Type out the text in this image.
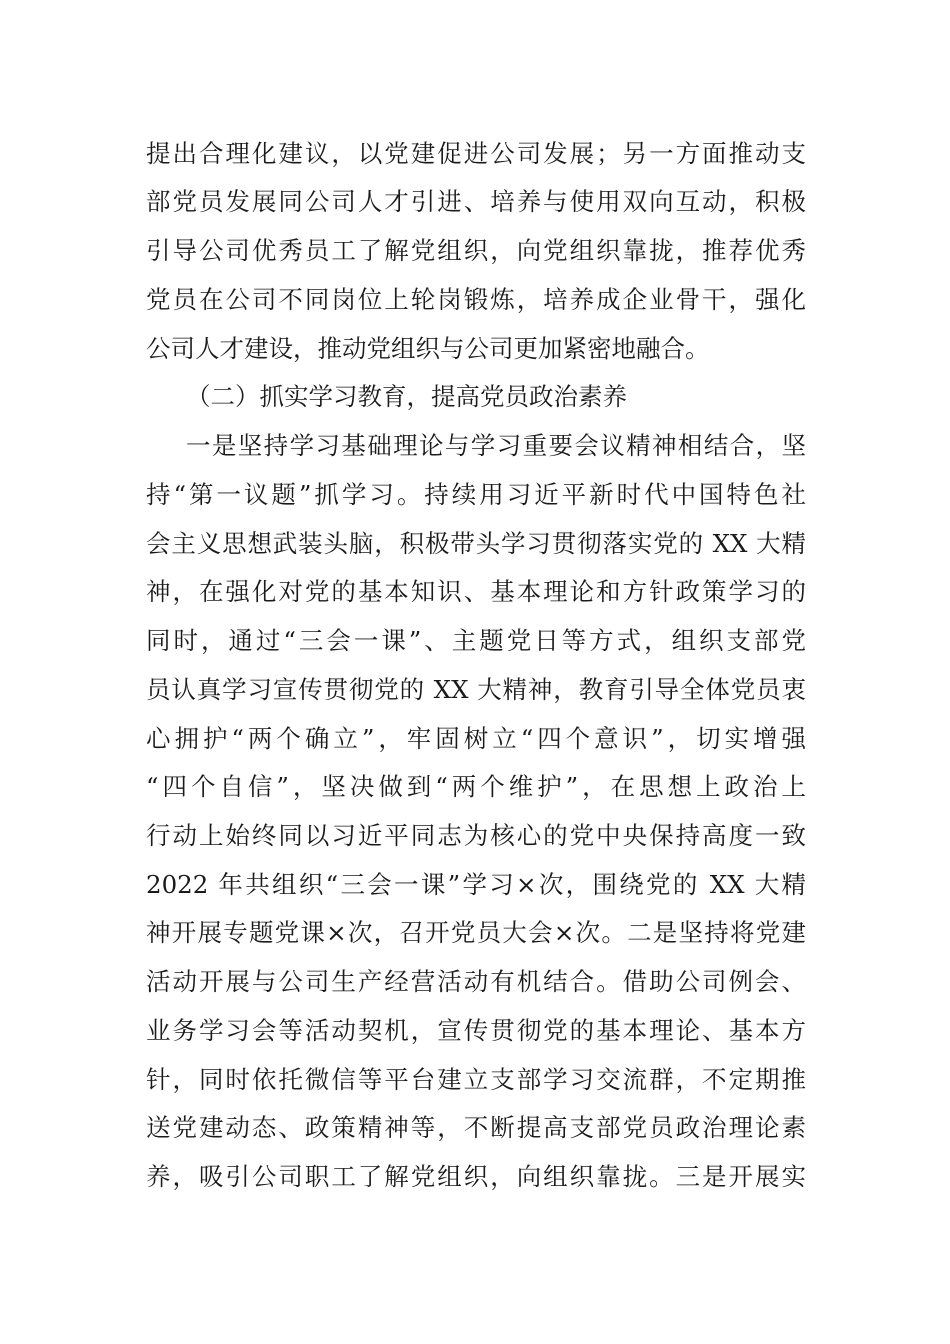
提出合理化建议，以党建促进公司发展；另一方面推动支
部党员发展同公司人才引进、培养与使用双向互动，积极
引导公司优秀员工了解党组织，向党组织靠拢，推荐优秀
党员在公司不同岗位上轮岗锻炼，培养成企业骨干，强化
公司人才建设，推动党组织与公司更加紧密地融合。
（二）抓实学习教育，提高党员政治素养
一是坚持学习基础理论与学习重要会议精神相结合，坚
持“第一议题”抓学习。持续用习近平新时代中国特色社
会主义思想武装头脑，积极带头学习贯彻落实党的 XX 大精
神，在强化对党的基本知识、基本理论和方针政策学习的
同时，通过“三会一课”、主题党日等方式，组织支部党
员认真学习宣传贯彻党的 XX 大精神，教育引导全体党员衷
心拥护“两个确立”，牢固树立“四个意识”，切实增强
“四个自信”，坚决做到“两个维护”，在思想上政治上
行动上始终同以习近平同志为核心的党中央保持高度一致
2022 年共组织“三会一课”学习×次，围绕党的 XX 大精
神开展专题党课×次，召开党员大会×次。二是坚持将党建
活动开展与公司生产经营活动有机结合。借助公司例会、
业务学习会等活动契机，宣传贯彻党的基本理论、基本方
针，同时依托微信等平台建立支部学习交流群，不定期推
送党建动态、政策精神等，不断提高支部党员政治理论素
养，吸引公司职工了解党组织，向组织靠拢。三是开展实
